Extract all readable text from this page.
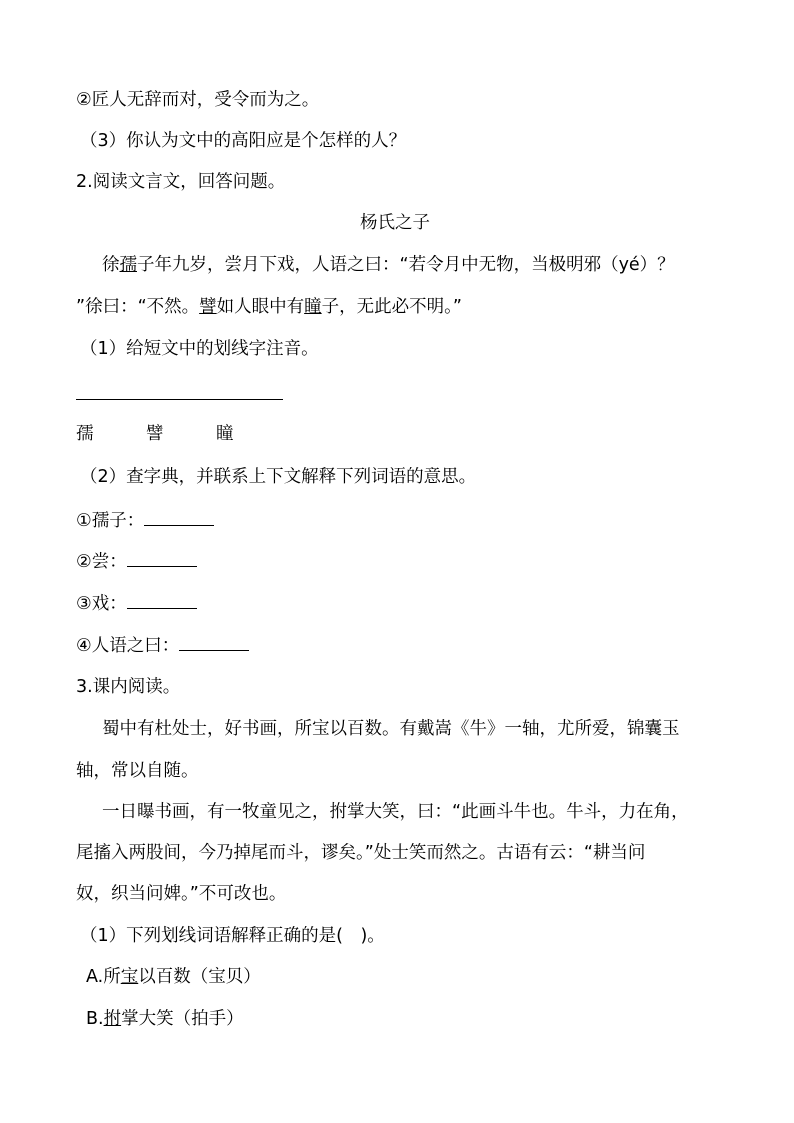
②匠人无辞而对，受令而为之。
（3）你认为文中的高阳应是个怎样的人？
2.阅读文言文，回答问题。
杨氏之子
徐孺子年九岁，尝月下戏，人语之曰：“若令月中无物，当极明邪（yé）？
”徐曰：“不然。譬如人眼中有瞳子，无此必不明。”
（1）给短文中的划线字注音。
孺	譬	瞳
（2）查字典，并联系上下文解释下列词语的意思。
①孺子：
②尝：
③戏：
④人语之曰：
3.课内阅读。
蜀中有杜处士，好书画，所宝以百数。有戴嵩《牛》一轴，尤所爱，锦囊玉
轴，常以自随。
一日曝书画，有一牧童见之，拊掌大笑，曰：“此画斗牛也。牛斗，力在角，
尾搐入两股间，今乃掉尾而斗，谬矣。”处士笑而然之。古语有云：“耕当问
奴，织当问婢。”不可改也。
（1）下列划线词语解释正确的是(　)。
A.所宝以百数（宝贝）
B.拊掌大笑（拍手）
